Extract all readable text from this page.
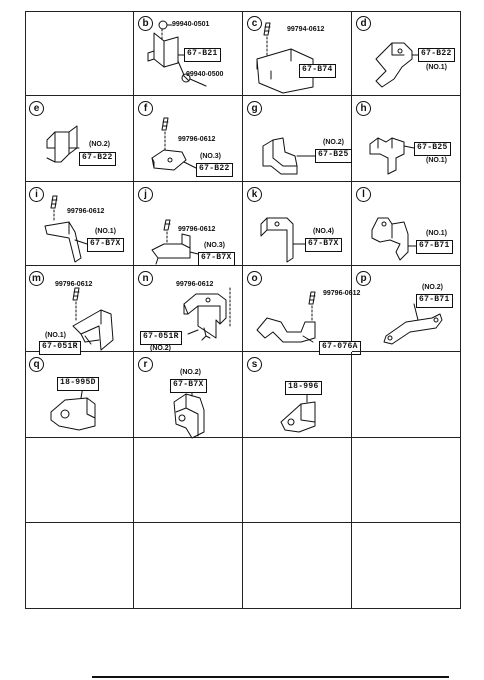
b	99940-0501
67-B21
99940-0500
c
99794-0612
67-B74
d
67-B22
(NO.1)
e
(NO.2)
67-B22
f
99796-0612
(NO.3)
67-B22
g
(NO.2)
67-B25
h
67-B25
(NO.1)
i
99796-0612
(NO.1)
67-B7X
j
99796-0612
(NO.3)
67-B7X
k
(NO.4)
67-B7X
l
(NO.1)
67-B71
m
99796-0612
(NO.1)
67-051R
n
99796-0612
67-051R
(NO.2)
o
99796-0612
67-076A
p
(NO.2)
67-B71
q
18-995D
r
(NO.2)
67-B7X
s
18-996
